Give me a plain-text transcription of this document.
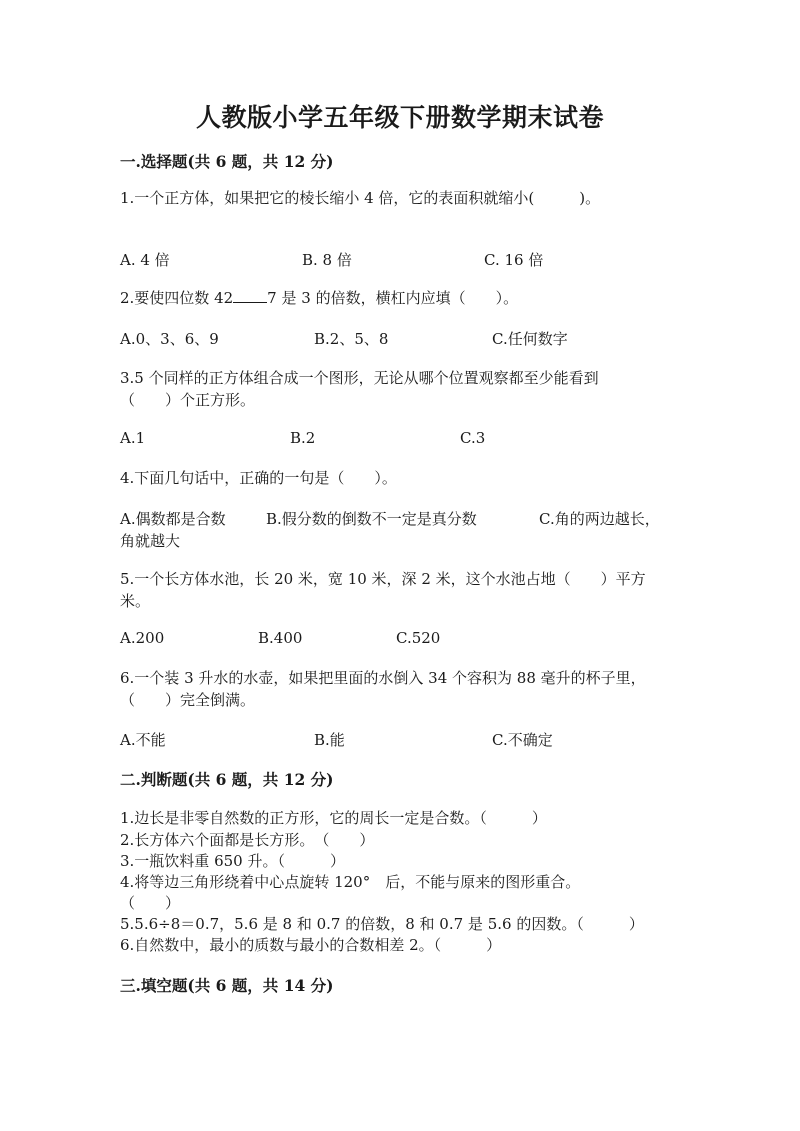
人教版小学五年级下册数学期末试卷
一.选择题(共 6 题，共 12 分)
1.一个正方体，如果把它的棱长缩小 4 倍，它的表面积就缩小(　　　)。
A. 4 倍	B. 8 倍	C. 16 倍
2.要使四位数 42 7 是 3 的倍数，横杠内应填（　　）。
A.0、3、6、9	B.2、5、8	C.任何数字
3.5 个同样的正方体组合成一个图形，无论从哪个位置观察都至少能看到
（　　）个正方形。
A.1	B.2	C.3
4.下面几句话中，正确的一句是（　　）。
A.偶数都是合数	B.假分数的倒数不一定是真分数	C.角的两边越长，
角就越大
5.一个长方体水池，长 20 米，宽 10 米，深 2 米，这个水池占地（　　）平方
米。
A.200	B.400	C.520
6.一个装 3 升水的水壶，如果把里面的水倒入 34 个容积为 88 毫升的杯子里，
（　　）完全倒满。
A.不能	B.能	C.不确定
二.判断题(共 6 题，共 12 分)
1.边长是非零自然数的正方形，它的周长一定是合数。（　　　）
2.长方体六个面都是长方形。　（　　）
3.一瓶饮料重 650 升。（　　　）
4.将等边三角形绕着中心点旋转 120°　后，不能与原来的图形重合。
（　　）
5.5.6÷8＝0.7，5.6 是 8 和 0.7 的倍数，8 和 0.7 是 5.6 的因数。（　　　）
6.自然数中，最小的质数与最小的合数相差 2。（　　　）
三.填空题(共 6 题，共 14 分)
